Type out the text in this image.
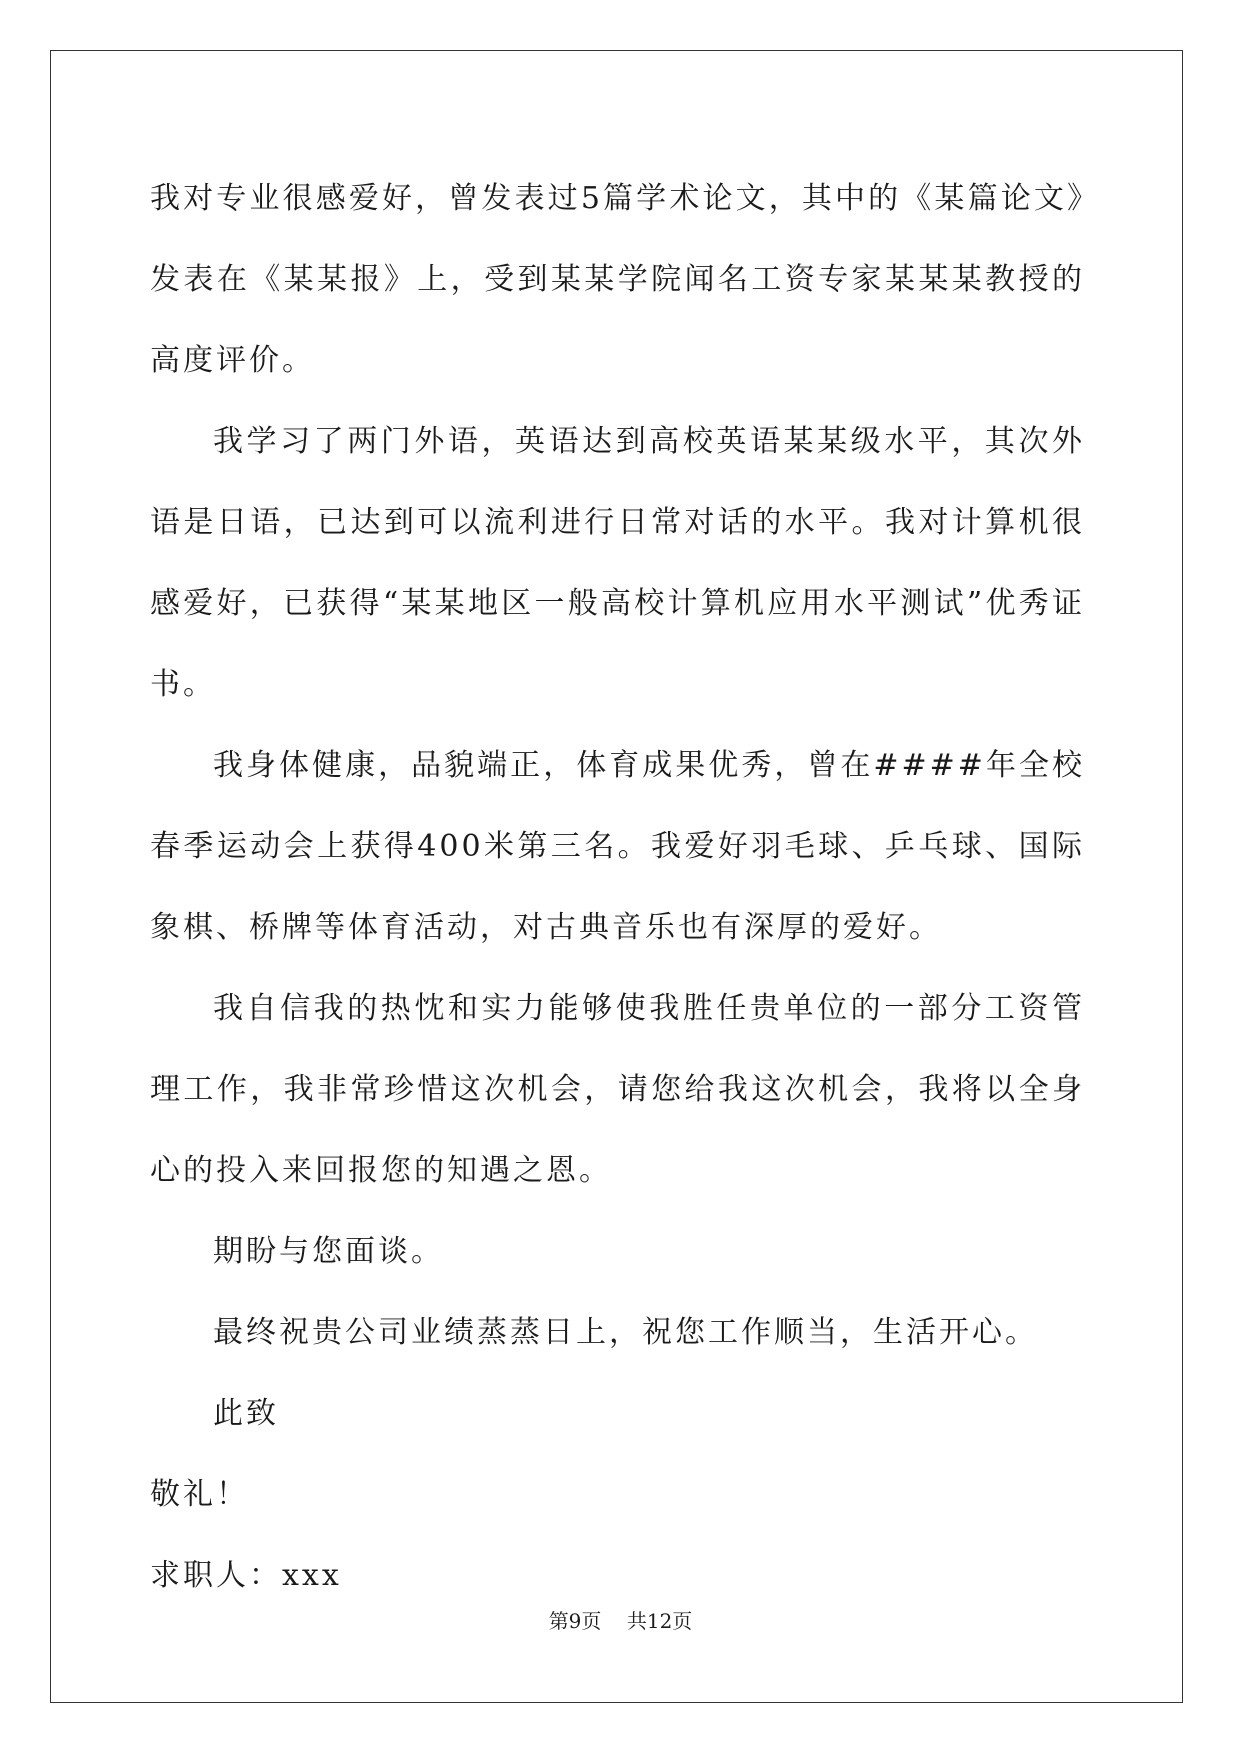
我对专业很感爱好，曾发表过5篇学术论文，其中的《某篇论文》发表在《某某报》上，受到某某学院闻名工资专家某某某教授的高度评价。

我学习了两门外语，英语达到高校英语某某级水平，其次外语是日语，已达到可以流利进行日常对话的水平。我对计算机很感爱好，已获得“某某地区一般高校计算机应用水平测试”优秀证书。

我身体健康，品貌端正，体育成果优秀，曾在####年全校春季运动会上获得400米第三名。我爱好羽毛球、乒乓球、国际象棋、桥牌等体育活动，对古典音乐也有深厚的爱好。

我自信我的热忱和实力能够使我胜任贵单位的一部分工资管理工作，我非常珍惜这次机会，请您给我这次机会，我将以全身心的投入来回报您的知遇之恩。

期盼与您面谈。

最终祝贵公司业绩蒸蒸日上，祝您工作顺当，生活开心。

此致

敬礼！

求职人：xxx

第9页 共12页
